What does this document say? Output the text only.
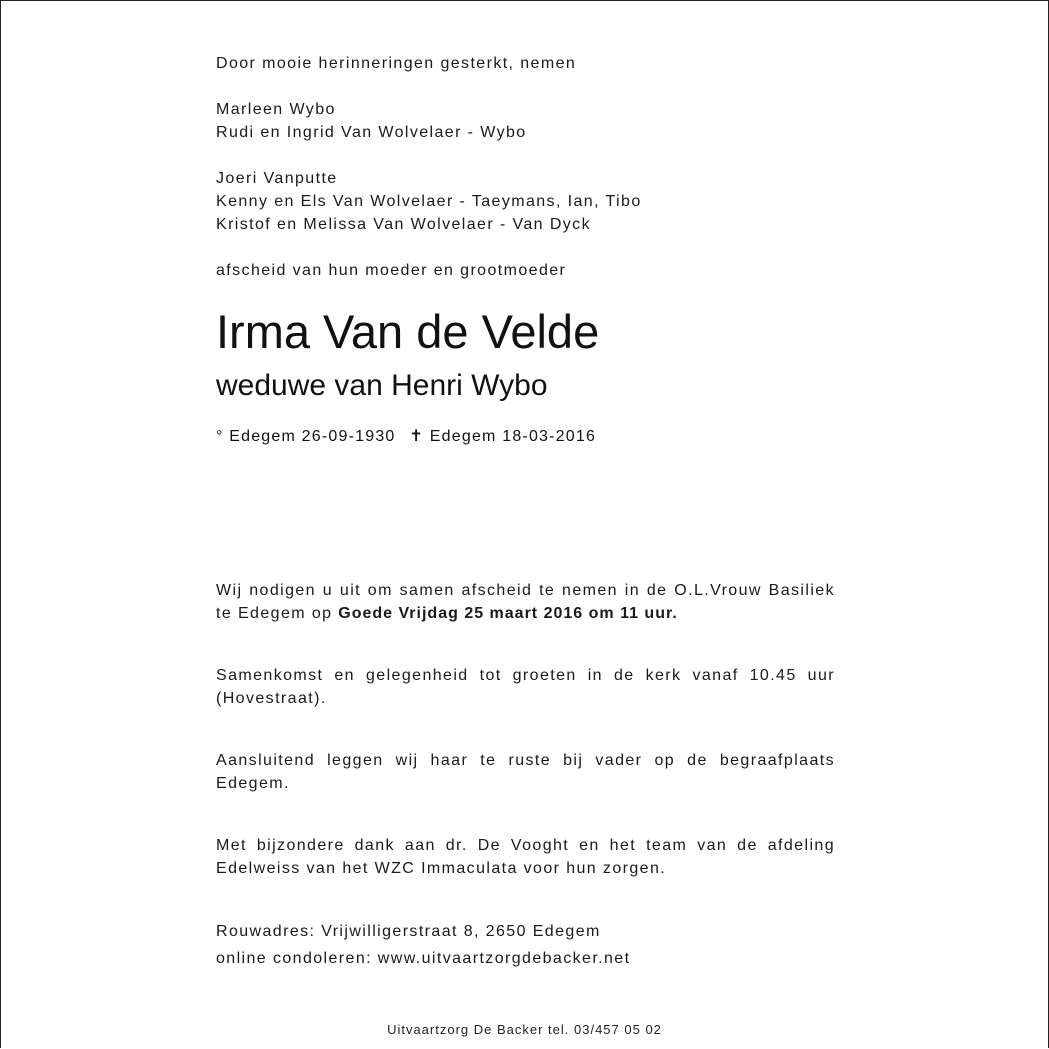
Door mooie herinneringen gesterkt, nemen

Marleen Wybo

Rudi en Ingrid Van Wolvelaer - Wybo

Joeri Vanputte

Kenny en Els Van Wolvelaer - Taeymans, Ian, Tibo

Kristof en Melissa Van Wolvelaer - Van Dyck

afscheid van hun moeder en grootmoeder

Irma Van de Velde
weduwe van Henri Wybo
° Edegem 26-09-1930 ✝ Edegem 18-03-2016

Wij nodigen u uit om samen afscheid te nemen in de O.L.Vrouw Basiliek te Edegem op Goede Vrijdag 25 maart 2016 om 11 uur.

Samenkomst en gelegenheid tot groeten in de kerk vanaf 10.45 uur (Hovestraat).

Aansluitend leggen wij haar te ruste bij vader op de begraafplaats Edegem.

Met bijzondere dank aan dr. De Vooght en het team van de afdeling Edelweiss van het WZC Immaculata voor hun zorgen.

Rouwadres: Vrijwilligerstraat 8, 2650 Edegem

online condoleren: www.uitvaartzorgdebacker.net

Uitvaartzorg De Backer tel. 03/457 05 02
